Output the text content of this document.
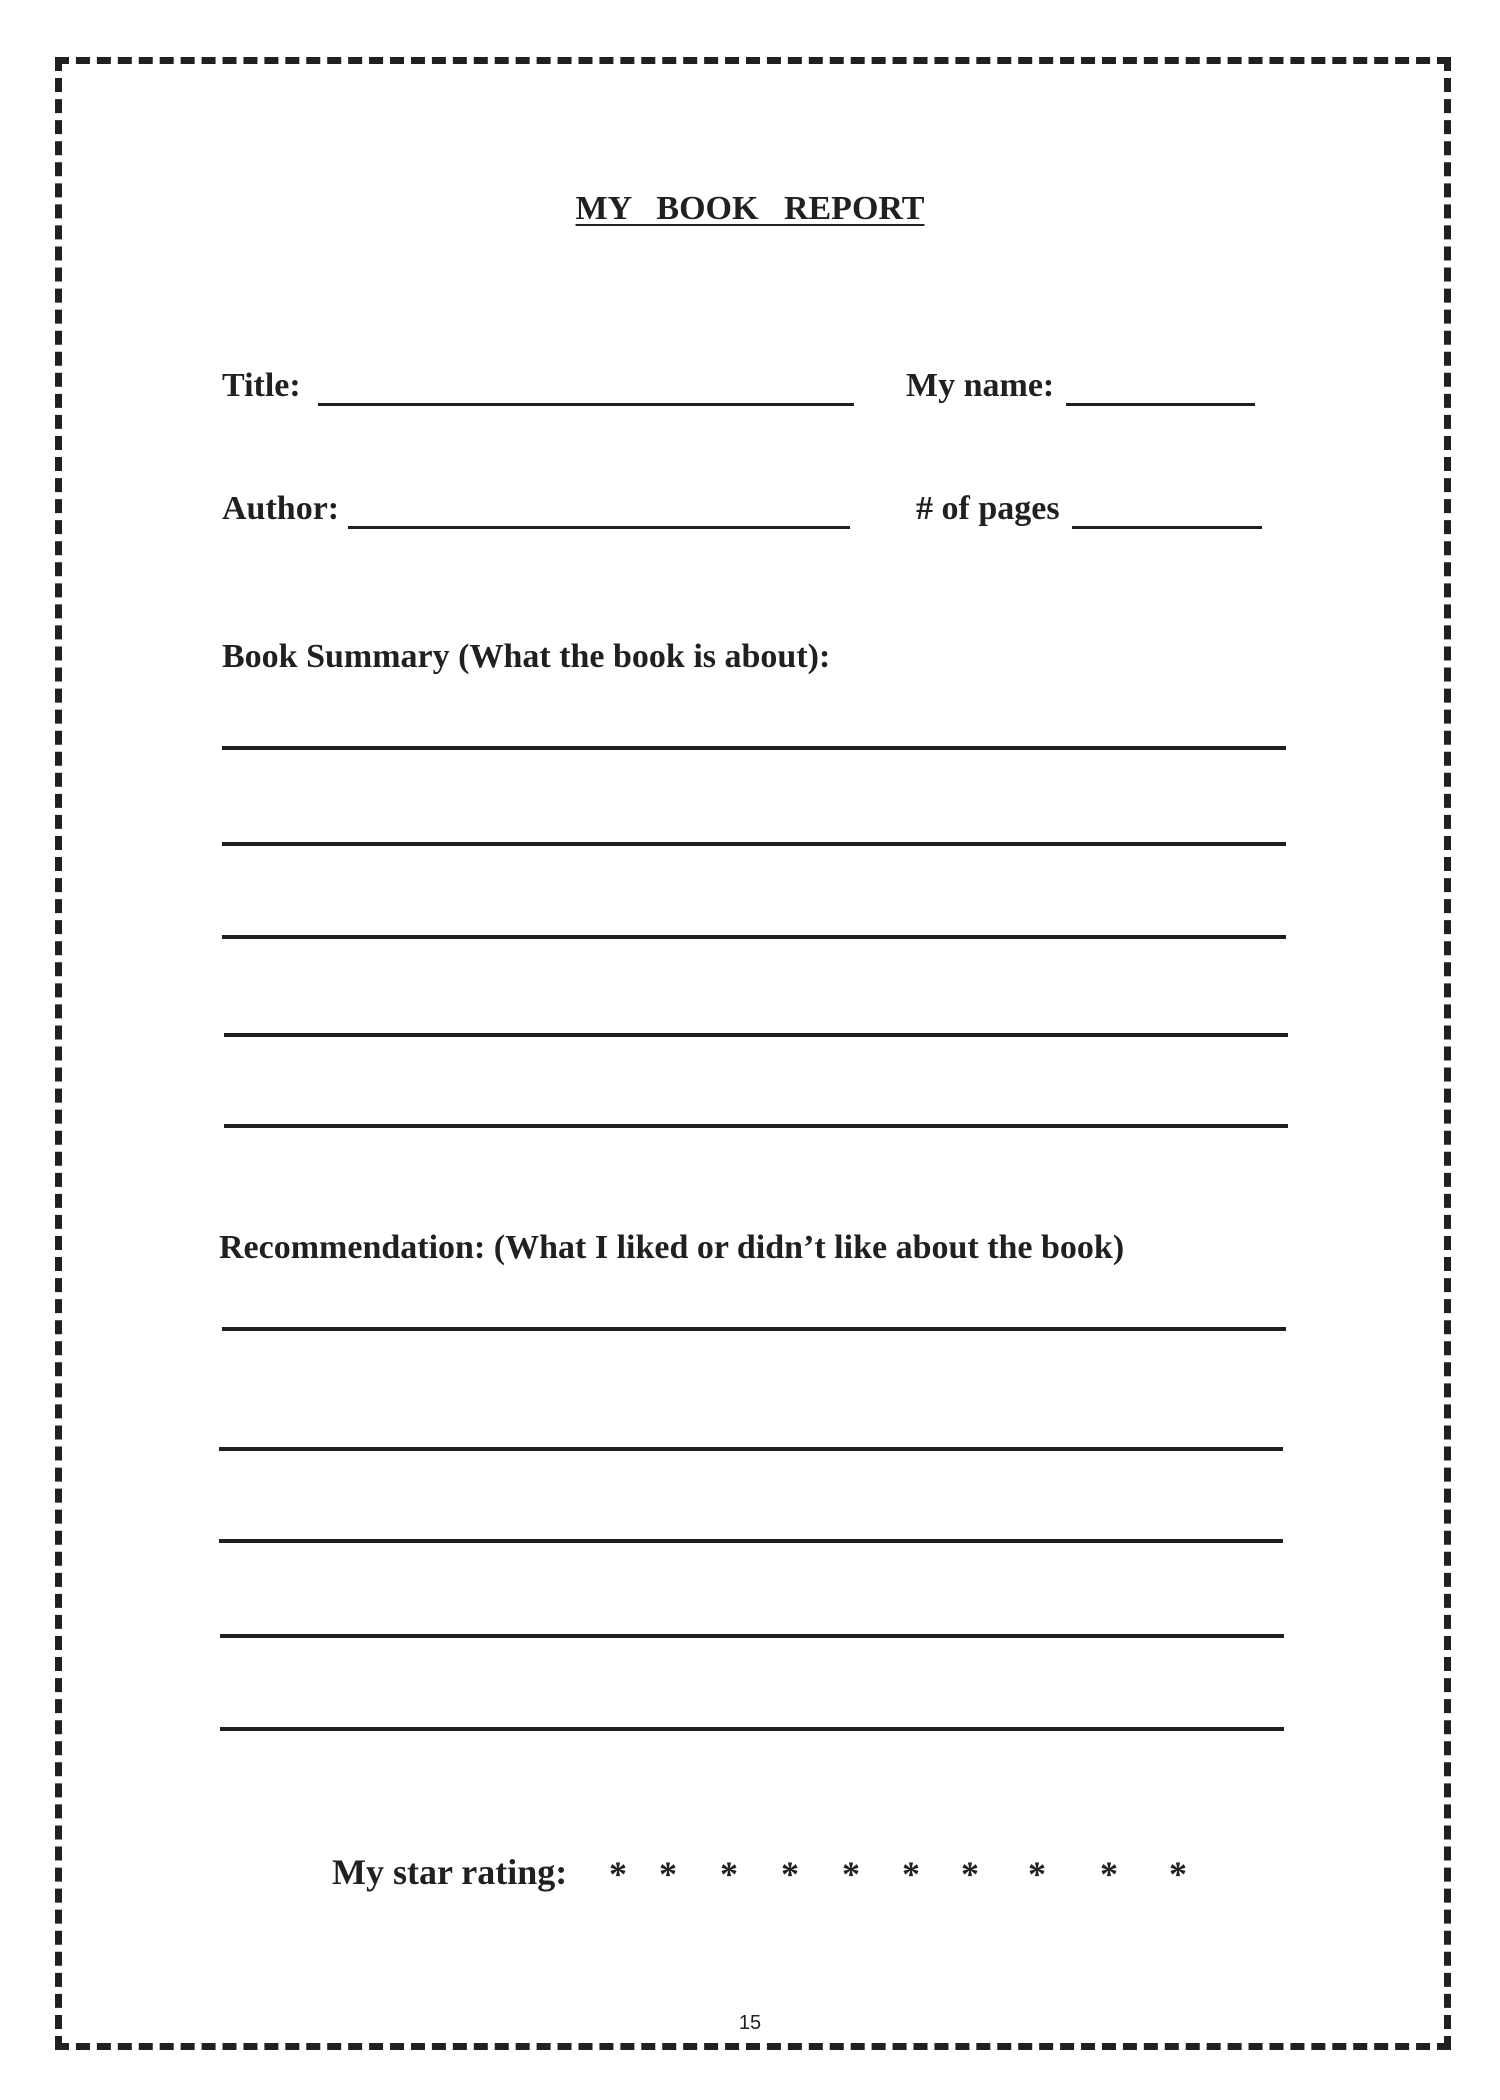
MY   BOOK   REPORT
Title:	My name:
Author:	# of pages

Book Summary (What the book is about):

Recommendation: (What I liked or didn’t like about the book)

My star rating: * * * * * * * * * *
15
